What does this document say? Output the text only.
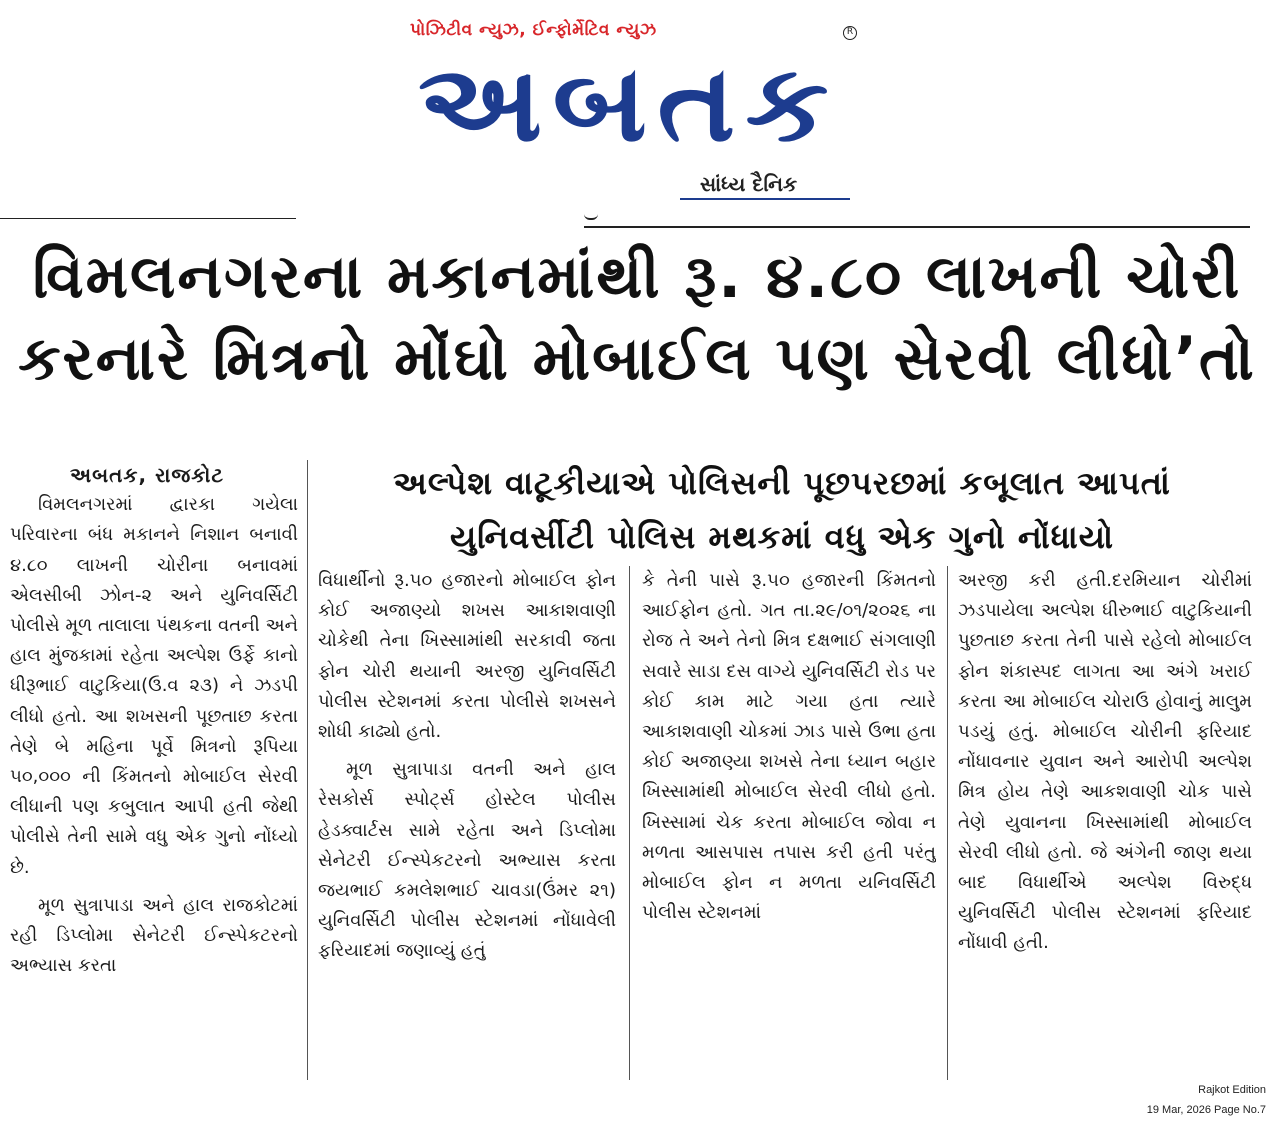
પોઝિટીવ ન્યુઝ, ઈન્ફોર્મેટિવ ન્યુઝ
અબતક
R
સાંધ્ય દૈનિક
વિમલનગરના મકાનમાંથી રૂ. ૪.૮૦ લાખની ચોરી
કરનારે મિત્રનો મોંઘો મોબાઈલ પણ સેરવી લીધો’તો
અલ્પેશ વાટૂકીયાએ પોલિસની પૂછપરછમાં કબૂલાત આપતાં
યુનિવર્સીટી પોલિસ મથકમાં વધુ એક ગુનો નોંધાયો

અબતક, રાજકોટ

વિમલનગરમાં દ્વારકા ગયેલા પરિવારના બંધ મકાનને નિશાન બનાવી ૪.૮૦ લાખની ચોરીના બનાવમાં એલસીબી ઝોન-૨ અને યુનિવર્સિટી પોલીસે મૂળ તાલાલા પંથકના વતની અને હાલ મુંજકામાં રહેતા અલ્પેશ ઉર્ફે કાનો ધીરૂભાઈ વાટુકિયા(ઉ.વ ૨૩) ને ઝડપી લીધો હતો. આ શખસની પૂછતાછ કરતા તેણે બે મહિના પૂર્વે મિત્રનો રૂપિયા ૫૦,૦૦૦ ની કિંમતનો મોબાઈલ સેરવી લીધાની પણ કબુલાત આપી હતી જેથી પોલીસે તેની સામે વધુ એક ગુનો નોંધ્યો છે.

મૂળ સુત્રાપાડા અને હાલ રાજકોટમાં રહી ડિપ્લોમા સેનેટરી ઈન્સ્પેકટરનો અભ્યાસ કરતા

વિધાર્થીનો રૂ.૫૦ હજારનો મોબાઈલ ફોન કોઈ અજાણ્યો શખસ આકાશવાણી ચોકેથી તેના ખિસ્સામાંથી સરકાવી જતા ફોન ચોરી થયાની અરજી યુનિવર્સિટી પોલીસ સ્ટેશનમાં કરતા પોલીસે શખસને શોધી કાઢ્યો હતો.

મૂળ સુત્રાપાડા વતની અને હાલ રેસકોર્સ સ્પોર્ટ્સ હોસ્ટેલ પોલીસ હેડક્વાર્ટસ સામે રહેતા અને ડિપ્લોમા સેનેટરી ઈન્સ્પેકટરનો અભ્યાસ કરતા જયભાઈ કમલેશભાઈ ચાવડા(ઉંમર ૨૧) યુનિવર્સિટી પોલીસ સ્ટેશનમાં નોંધાવેલી ફરિયાદમાં જણાવ્યું હતું

કે તેની પાસે રૂ.૫૦ હજારની કિંમતનો આઈફોન હતો. ગત તા.૨૯/૦૧/૨૦૨૬ ના રોજ તે અને તેનો મિત્ર દક્ષભાઈ સંગલાણી સવારે સાડા દસ વાગ્યે યુનિવર્સિટી રોડ પર કોઈ કામ માટે ગયા હતા ત્યારે આકાશવાણી ચોકમાં ઝાડ પાસે ઉભા હતા કોઈ અજાણ્યા શખસે તેના ધ્યાન બહાર ખિસ્સામાંથી મોબાઈલ સેરવી લીધો હતો. ખિસ્સામાં ચેક કરતા મોબાઈલ જોવા ન મળતા આસપાસ તપાસ કરી હતી પરંતુ મોબાઈલ ફોન ન મળતા યનિવર્સિટી પોલીસ સ્ટેશનમાં

અરજી કરી હતી.દરમિયાન ચોરીમાં ઝડપાયેલા અલ્પેશ ધીરુભાઈ વાટુકિયાની પુછતાછ કરતા તેની પાસે રહેલો મોબાઈલ ફોન શંકાસ્પદ લાગતા આ અંગે ખરાઈ કરતા આ મોબાઈલ ચોરાઉ હોવાનું માલુમ પડયું હતું. મોબાઈલ ચોરીની ફરિયાદ નોંધાવનાર યુવાન અને આરોપી અલ્પેશ મિત્ર હોય તેણે આકશવાણી ચોક પાસે તેણે યુવાનના ખિસ્સામાંથી મોબાઈલ સેરવી લીધો હતો. જે અંગેની જાણ થયા બાદ વિધાર્થીએ અલ્પેશ વિરુદ્ધ યુનિવર્સિટી પોલીસ સ્ટેશનમાં ફરિયાદ નોંધાવી હતી.

Rajkot Edition
19 Mar, 2026 Page No.7
